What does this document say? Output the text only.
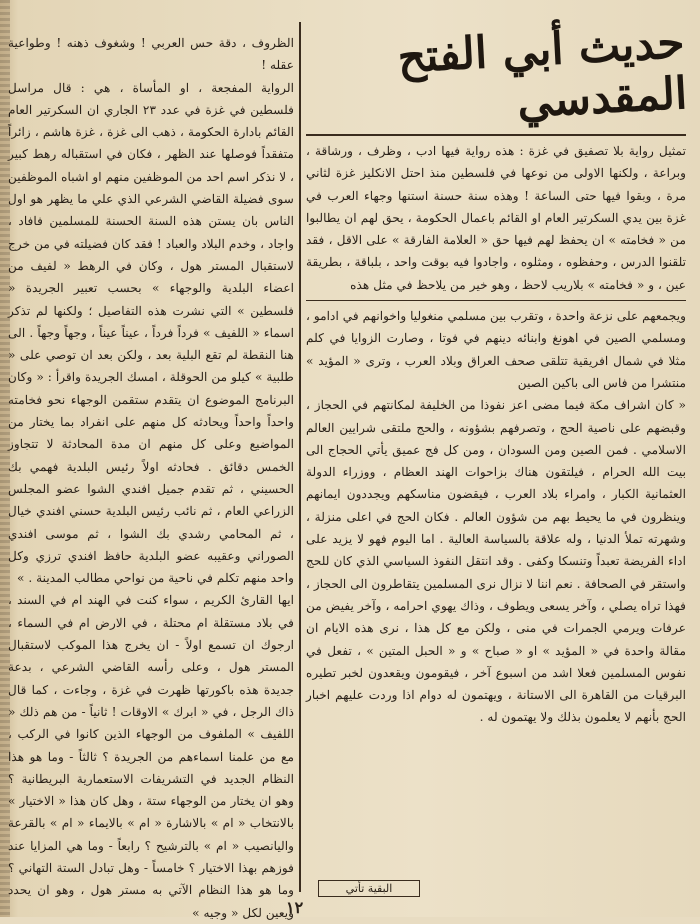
حديث أبي الفتح المقدسي

تمثيل رواية بلا تصفيق في غزة : هذه رواية فيها ادب ، وظرف ، ورشاقة ، وبراعة ، ولكنها الاولى من نوعها في فلسطين منذ احتل الانكليز غزة لثاني مرة ، وبقوا فيها حتى الساعة ! وهذه سنة حسنة استنها وجهاء العرب في غزة بين يدي السكرتير العام او القائم باعمال الحكومة ، يحق لهم ان يطالبوا من « فخامته » ان يحفظ لهم فيها حق « العلامة الفارقة » على الاقل ، فقد تلقنوا الدرس ، وحفظوه ، ومثلوه ، واجادوا فيه بوقت واحد ، بلباقة ، بطريقة عين ، و « فخامته » بلاريب لاحظ ، وهو خير من يلاحظ في مثل هذه

ويجمعهم على نزعة واحدة ، وتقرب بين مسلمي منغوليا واخوانهم في ادامو ، ومسلمي الصين في اهونغ وابنائه دينهم في فوتا ، وصارت الزوايا في كلم مثلا في شمال افريقية تتلقى صحف العراق وبلاد العرب ، وترى « المؤيد » منتشرا من فاس الى باكين الصين

« كان اشراف مكة فيما مضى اعز نفوذا من الخليفة لمكانتهم في الحجاز ، وقبضهم على ناصية الحج ، وتصرفهم بشؤونه ، والحج ملتقى شرايين العالم الاسلامي . فمن الصين ومن السودان ، ومن كل فج عميق يأتي الحجاج الى بيت الله الحرام ، فيلتقون هناك بزاحوات الهند العظام ، ووزراء الدولة العثمانية الكبار ، وامراء بلاد العرب ، فيقضون مناسكهم ويجددون ايمانهم وينظرون في ما يحيط بهم من شؤون العالم . فكان الحج في اعلى منزلة ، وشهرته تملأ الدنيا ، وله علاقة بالسياسة العالية . اما اليوم فهو لا يزيد على اداء الفريضة تعبداً وتنسكا وكفى . وقد انتقل النفوذ السياسي الذي كان للحج واستقر في الصحافة . نعم اننا لا نزال نرى المسلمين يتقاطرون الى الحجاز ، فهذا تراه يصلي ، وآخر يسعى ويطوف ، وذاك يهوي احرامه ، وآخر يفيض من عرفات ويرمي الجمرات في منى ، ولكن مع كل هذا ، نرى هذه الايام ان مقالة واحدة في « المؤيد » او « صباح » و « الحبل المتين » ، تفعل في نفوس المسلمين فعلا اشد من اسبوع آخر ، فيقومون ويقعدون لخبر تطيره البرقيات من القاهرة الى الاستانة ، ويهتمون له دوام اذا وردت عليهم اخبار الحج بأنهم لا يعلمون بذلك ولا يهتمون له .

الظروف ، دقة حس العربي ! وشغوف ذهنه ! وطواعية عقله !

الرواية المفجعة ، او المأساة ، هي : قال مراسل فلسطين في غزة في عدد ٢٣ الجاري ان السكرتير العام القائم بادارة الحكومة ، ذهب الى غزة ، غزة هاشم ، زائراً متفقداً فوصلها عند الظهر ، فكان في استقباله رهط كبير ، لا نذكر اسم احد من الموظفين منهم او اشباه الموظفين سوى فضيلة القاضي الشرعي الذي علي ما يظهر هو اول الناس بان يستن هذه السنة الحسنة للمسلمين فافاد ، واجاد ، وخدم البلاد والعباد ! فقد كان فضيلته في من خرج لاستقبال المستر هول ، وكان في الرهط « لفيف من اعضاء البلدية والوجهاء » بحسب تعبير الجريدة « فلسطين » التي نشرت هذه التفاصيل ؛ ولكنها لم تذكر اسماء « اللفيف » فرداً فرداً ، عيناً عيناً ، وجهاً وجهاً . الى هنا النقطة لم تقع البلية بعد ، ولكن بعد ان توصي على « طلبية » كيلو من الحوقلة ، امسك الجريدة واقرأ : « وكان البرنامج الموضوع ان يتقدم ستقمن الوجهاء نحو فخامته واحداً واحداً ويحادثه كل منهم على انفراد بما يختار من المواضيع وعلى كل منهم ان مدة المحادثة لا تتجاوز الخمس دقائق . فحادثه اولاً رئيس البلدية فهمي بك الحسيني ، ثم تقدم جميل افندي الشوا عضو المجلس الزراعي العام ، ثم نائب رئيس البلدية حسني افندي خيال ، ثم المحامي رشدي بك الشوا ، ثم موسى افندي الصوراني وعقيبه عضو البلدية حافظ افندي ترزي وكل واحد منهم تكلم في ناحية من نواحي مطالب المدينة . »

ايها القارئ الكريم ، سواء كنت في الهند ام في السند ، في بلاد مستقلة ام محتلة ، في الارض ام في السماء ، ارجوك ان تسمع اولاً - ان يخرج هذا الموكب لاستقبال المستر هول ، وعلى رأسه القاضي الشرعي ، بدعة جديدة هذه باكورتها ظهرت في غزة ، وجاءت ، كما قال ذاك الرجل ، في « ابرك » الاوقات ! ثانياً - من هم ذلك « اللفيف » الملفوف من الوجهاء الذين كانوا في الركب ، مع من علمنا اسماءهم من الجريدة ؟ ثالثاً - وما هو هذا النظام الجديد في التشريفات الاستعمارية البريطانية ؟ وهو ان يختار من الوجهاء ستة ، وهل كان هذا « الاختيار » بالانتخاب « ام » بالاشارة « ام » بالايماء « ام » بالقرعة واليانصيب « ام » بالترشيح ؟ رابعاً - وما هي المزايا عند فوزهم بهذا الاختيار ؟ خامساً - وهل تبادل الستة التهاني ؟ وما هو هذا النظام الآتي به مستر هول ، وهو ان يحدد ويعين لكل « وجيه »

البقية تأتي
١٢
